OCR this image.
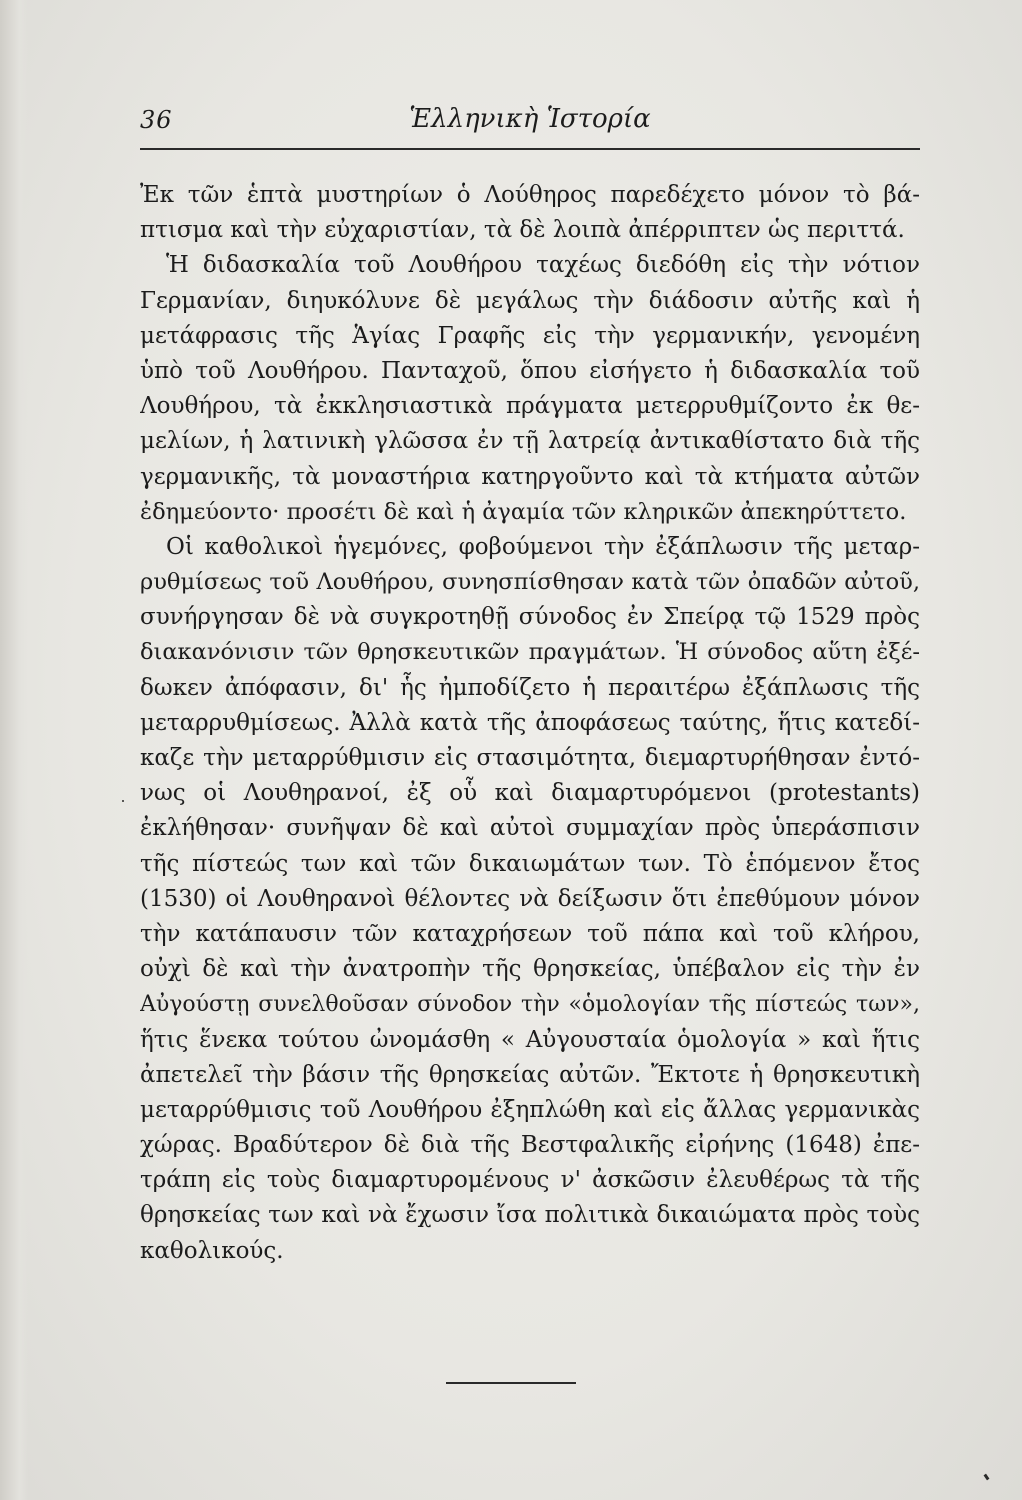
36	Ἑλληνικὴ Ἱστορία
Ἐκ τῶν ἑπτὰ μυστηρίων ὁ Λούθηρος παρεδέχετο μόνον τὸ βά-
πτισμα καὶ τὴν εὐχαριστίαν, τὰ δὲ λοιπὰ ἀπέρριπτεν ὡς περιττά.
Ἡ διδασκαλία τοῦ Λουθήρου ταχέως διεδόθη εἰς τὴν νότιον
Γερμανίαν, διηυκόλυνε δὲ μεγάλως τὴν διάδοσιν αὐτῆς καὶ ἡ
μετάφρασις τῆς Ἁγίας Γραφῆς εἰς τὴν γερμανικήν, γενομένη
ὑπὸ τοῦ Λουθήρου. Πανταχοῦ, ὅπου εἰσήγετο ἡ διδασκαλία τοῦ
Λουθήρου, τὰ ἐκκλησιαστικὰ πράγματα μετερρυθμίζοντο ἐκ θε-
μελίων, ἡ λατινικὴ γλῶσσα ἐν τῇ λατρείᾳ ἀντικαθίστατο διὰ τῆς
γερμανικῆς, τὰ μοναστήρια κατηργοῦντο καὶ τὰ κτήματα αὐτῶν
ἐδημεύοντο· προσέτι δὲ καὶ ἡ ἀγαμία τῶν κληρικῶν ἀπεκηρύττετο.
Οἱ καθολικοὶ ἡγεμόνες, φοβούμενοι τὴν ἐξάπλωσιν τῆς μεταρ-
ρυθμίσεως τοῦ Λουθήρου, συνησπίσθησαν κατὰ τῶν ὀπαδῶν αὐτοῦ,
συνήργησαν δὲ νὰ συγκροτηθῇ σύνοδος ἐν Σπείρᾳ τῷ 1529 πρὸς
διακανόνισιν τῶν θρησκευτικῶν πραγμάτων. Ἡ σύνοδος αὕτη ἐξέ-
δωκεν ἀπόφασιν, δι' ἧς ἠμποδίζετο ἡ περαιτέρω ἐξάπλωσις τῆς
μεταρρυθμίσεως. Ἀλλὰ κατὰ τῆς ἀποφάσεως ταύτης, ἥτις κατεδί-
καζε τὴν μεταρρύθμισιν εἰς στασιμότητα, διεμαρτυρήθησαν ἐντό-
νως οἱ Λουθηρανοί, ἐξ οὗ καὶ διαμαρτυρόμενοι (protestants)
ἐκλήθησαν· συνῆψαν δὲ καὶ αὐτοὶ συμμαχίαν πρὸς ὑπεράσπισιν
τῆς πίστεώς των καὶ τῶν δικαιωμάτων των. Τὸ ἑπόμενον ἔτος
(1530) οἱ Λουθηρανοὶ θέλοντες νὰ δείξωσιν ὅτι ἐπεθύμουν μόνον
τὴν κατάπαυσιν τῶν καταχρήσεων τοῦ πάπα καὶ τοῦ κλήρου,
οὐχὶ δὲ καὶ τὴν ἀνατροπὴν τῆς θρησκείας, ὑπέβαλον εἰς τὴν ἐν
Αὐγούστῃ συνελθοῦσαν σύνοδον τὴν «ὁμολογίαν τῆς πίστεώς των»,
ἥτις ἕνεκα τούτου ὠνομάσθη « Αὐγουσταία ὁμολογία » καὶ ἥτις
ἀπετελεῖ τὴν βάσιν τῆς θρησκείας αὐτῶν. Ἔκτοτε ἡ θρησκευτικὴ
μεταρρύθμισις τοῦ Λουθήρου ἐξηπλώθη καὶ εἰς ἄλλας γερμανικὰς
χώρας. Βραδύτερον δὲ διὰ τῆς Βεστφαλικῆς εἰρήνης (1648) ἐπε-
τράπη εἰς τοὺς διαμαρτυρομένους ν' ἀσκῶσιν ἐλευθέρως τὰ τῆς
θρησκείας των καὶ νὰ ἔχωσιν ἴσα πολιτικὰ δικαιώματα πρὸς τοὺς
καθολικούς.
